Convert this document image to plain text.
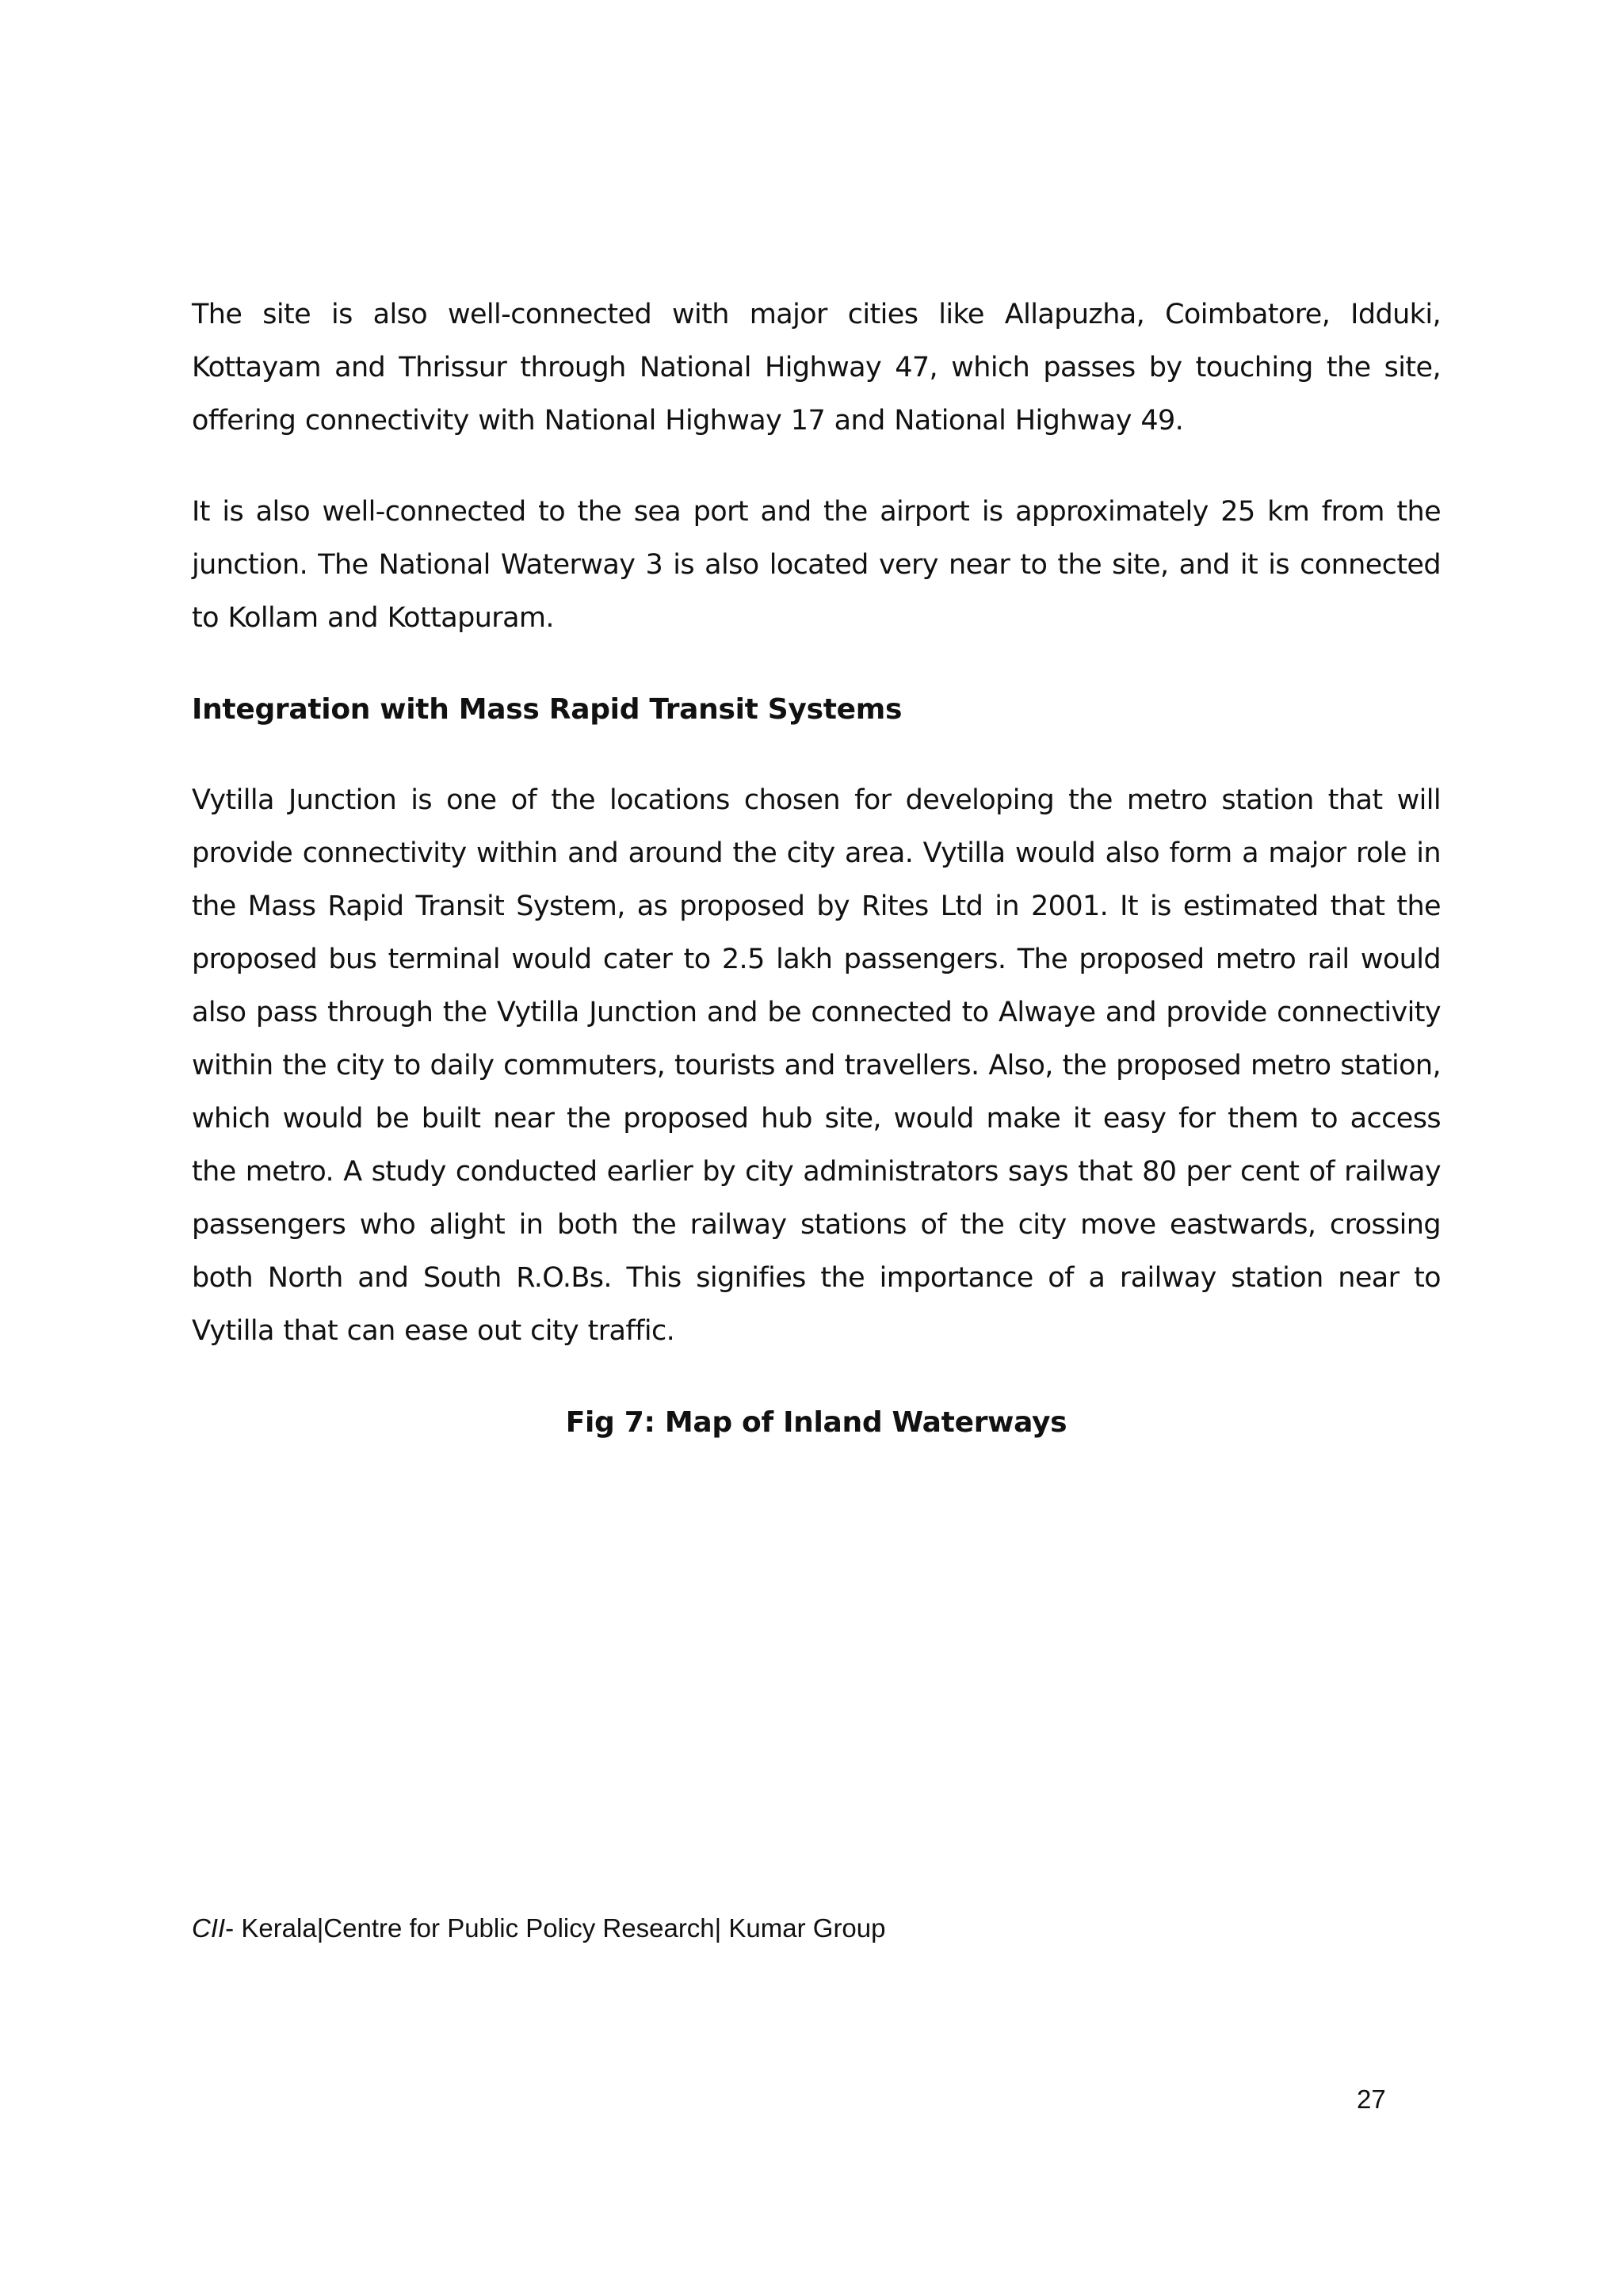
The site is also well-connected with major cities like Allapuzha, Coimbatore, Idduki, Kottayam and Thrissur through National Highway 47, which passes by touching the site, offering connectivity with National Highway 17 and National Highway 49.

It is also well-connected to the sea port and the airport is approximately 25 km from the junction. The National Waterway 3 is also located very near to the site, and it is connected to Kollam and Kottapuram.

Integration with Mass Rapid Transit Systems

Vytilla Junction is one of the locations chosen for developing the metro station that will provide connectivity within and around the city area. Vytilla would also form a major role in the Mass Rapid Transit System, as proposed by Rites Ltd in 2001. It is estimated that the proposed bus terminal would cater to 2.5 lakh passengers. The proposed metro rail would also pass through the Vytilla Junction and be connected to Alwaye and provide connectivity within the city to daily commuters, tourists and travellers. Also, the proposed metro station, which would be built near the proposed hub site, would make it easy for them to access the metro. A study conducted earlier by city administrators says that 80 per cent of railway passengers who alight in both the railway stations of the city move eastwards, crossing both North and South R.O.Bs. This signifies the importance of a railway station near to Vytilla that can ease out city traffic.

Fig 7: Map of Inland Waterways

CII- Kerala|Centre for Public Policy Research| Kumar Group
27
